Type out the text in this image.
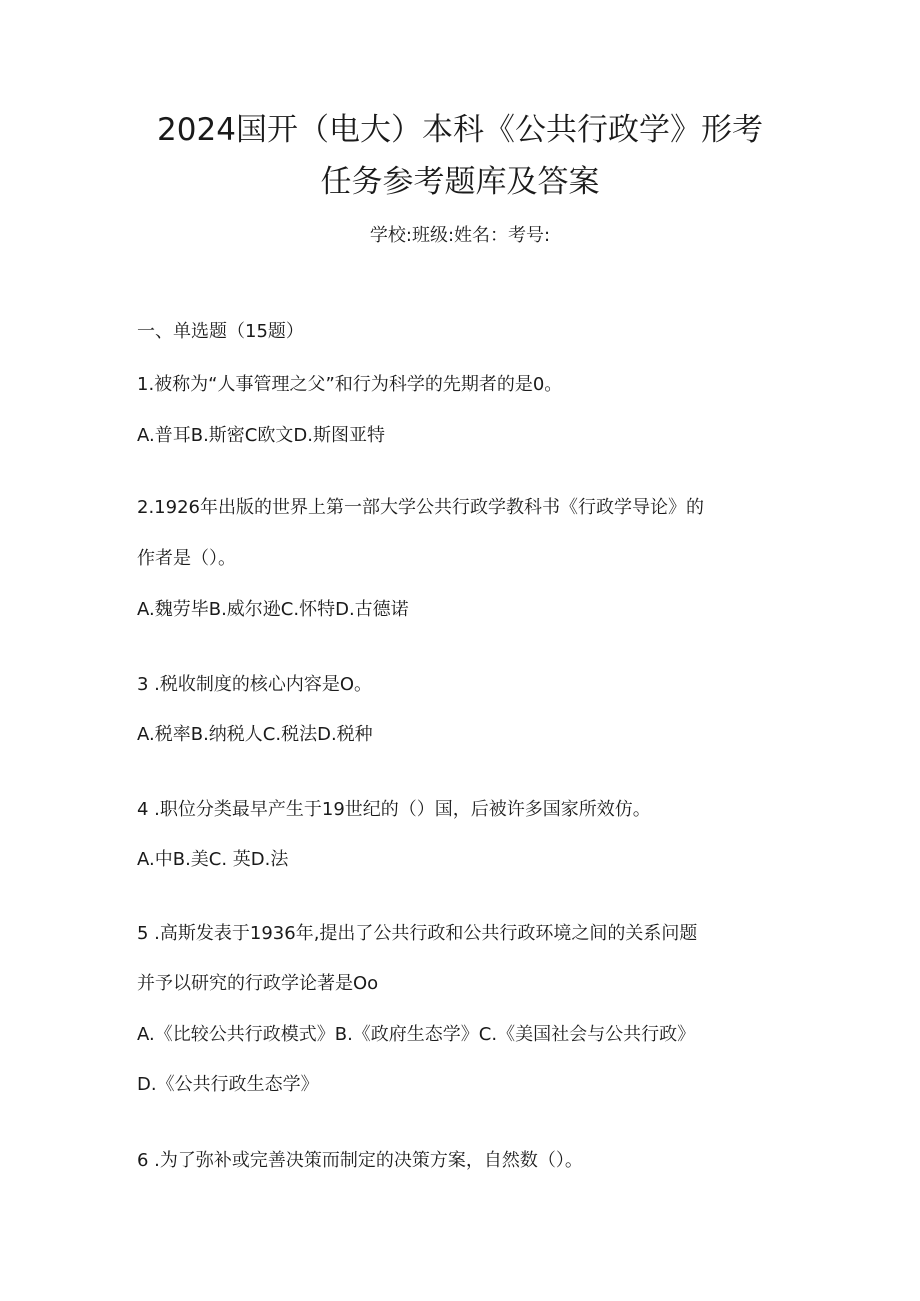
2024国开（电大）本科《公共行政学》形考
任务参考题库及答案
学校:班级:姓名：考号:
一、单选题（15题）
1.被称为“人事管理之父”和行为科学的先期者的是0。
A.普耳B.斯密C欧文D.斯图亚特
2.1926年出版的世界上第一部大学公共行政学教科书《行政学导论》的
作者是（）。
A.魏劳毕B.威尔逊C.怀特D.古德诺
3 .税收制度的核心内容是O。
A.税率B.纳税人C.税法D.税种
4 .职位分类最早产生于19世纪的（）国，后被许多国家所效仿。
A.中B.美C. 英D.法
5 .高斯发表于1936年,提出了公共行政和公共行政环境之间的关系问题
并予以研究的行政学论著是Oo
A.《比较公共行政模式》B.《政府生态学》C.《美国社会与公共行政》
D.《公共行政生态学》
6 .为了弥补或完善决策而制定的决策方案，自然数（）。
